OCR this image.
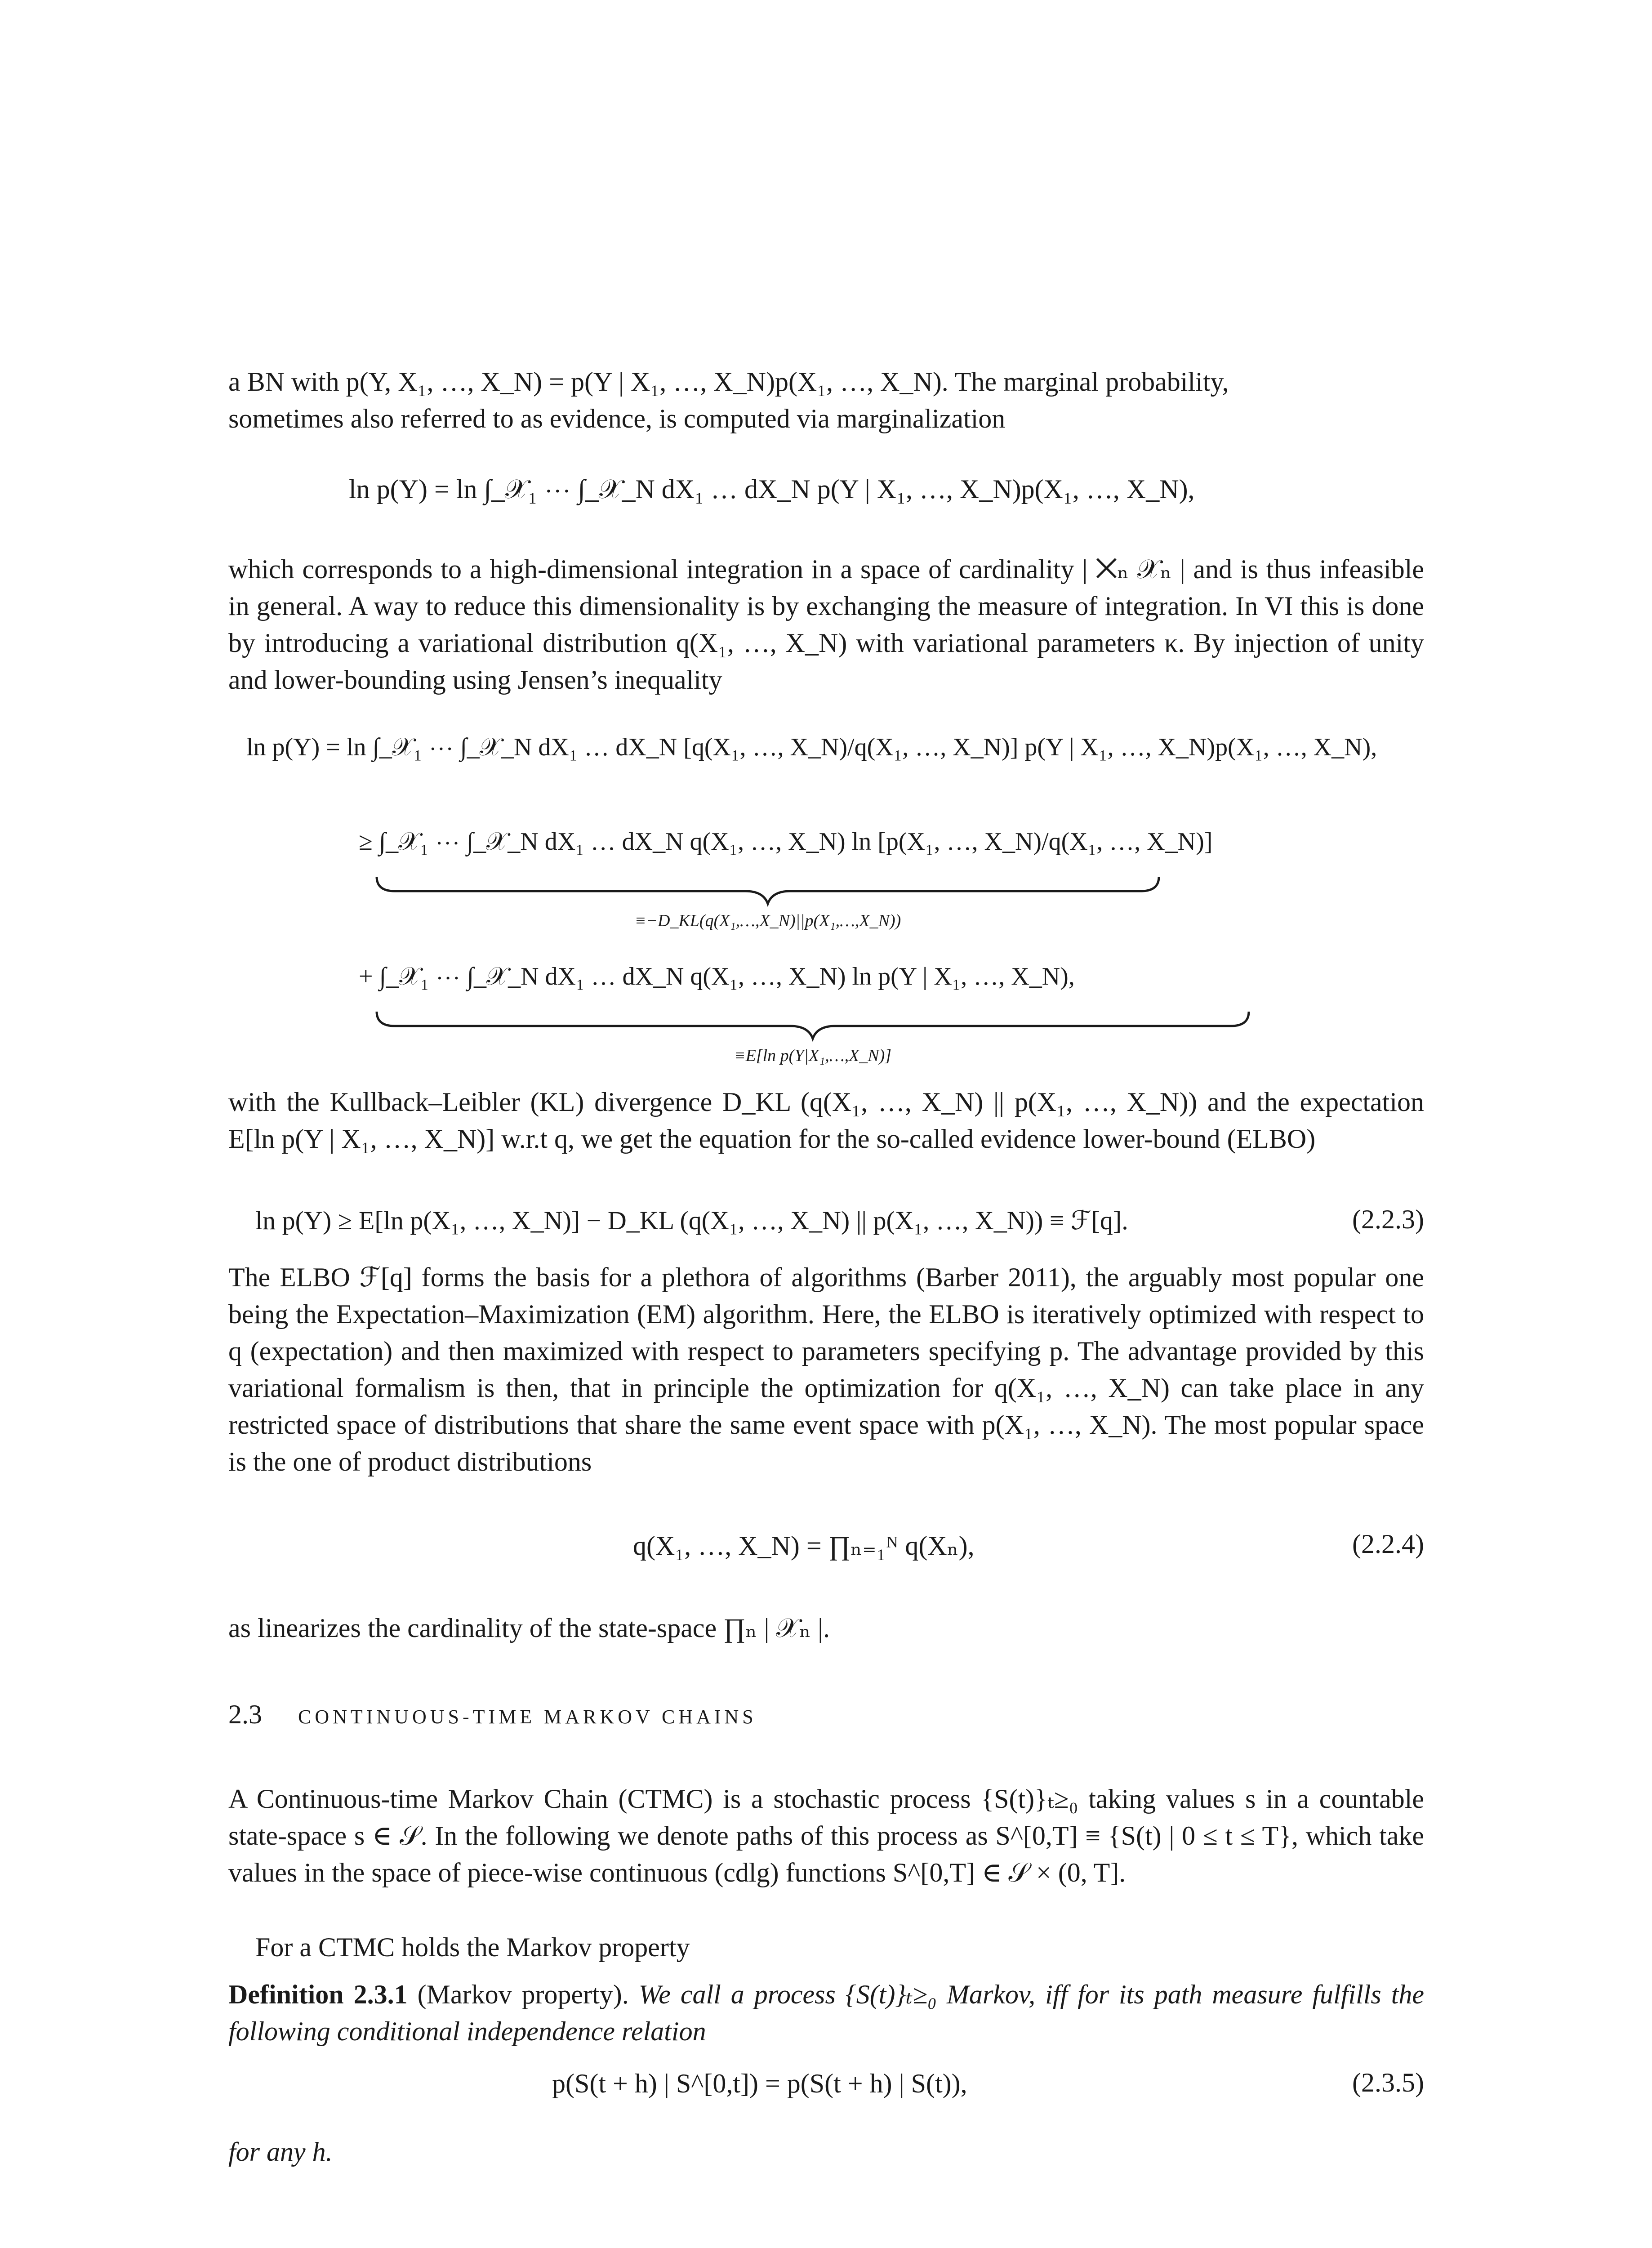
a BN with p(Y, X₁, …, X_N) = p(Y | X₁, …, X_N)p(X₁, …, X_N). The marginal probability,
sometimes also referred to as evidence, is computed via marginalization
ln p(Y) = ln ∫_𝒳₁ ⋯ ∫_𝒳_N dX₁ … dX_N p(Y | X₁, …, X_N)p(X₁, …, X_N),
which corresponds to a high-dimensional integration in a space of cardinality | ⨉ₙ 𝒳ₙ | and is thus infeasible in general. A way to reduce this dimensionality is by exchanging the measure of integration. In VI this is done by introducing a variational distribution q(X₁, …, X_N) with variational parameters κ. By injection of unity and lower-bounding using Jensen’s inequality
ln p(Y) = ln ∫_𝒳₁ ⋯ ∫_𝒳_N dX₁ … dX_N [q(X₁, …, X_N)/q(X₁, …, X_N)] p(Y | X₁, …, X_N)p(X₁, …, X_N),
≥ ∫_𝒳₁ ⋯ ∫_𝒳_N dX₁ … dX_N q(X₁, …, X_N) ln [p(X₁, …, X_N)/q(X₁, …, X_N)]
≡−D_KL(q(X₁,…,X_N)||p(X₁,…,X_N))
+ ∫_𝒳₁ ⋯ ∫_𝒳_N dX₁ … dX_N q(X₁, …, X_N) ln p(Y | X₁, …, X_N),
≡E[ln p(Y|X₁,…,X_N)]
with the Kullback–Leibler (KL) divergence D_KL (q(X₁, …, X_N) || p(X₁, …, X_N)) and the expectation E[ln p(Y | X₁, …, X_N)] w.r.t q, we get the equation for the so-called evidence lower-bound (ELBO)
ln p(Y) ≥ E[ln p(X₁, …, X_N)] − D_KL (q(X₁, …, X_N) || p(X₁, …, X_N)) ≡ ℱ[q].	(2.2.3)
The ELBO ℱ[q] forms the basis for a plethora of algorithms (Barber 2011), the arguably most popular one being the Expectation–Maximization (EM) algorithm. Here, the ELBO is iteratively optimized with respect to q (expectation) and then maximized with respect to parameters specifying p. The advantage provided by this variational formalism is then, that in principle the optimization for q(X₁, …, X_N) can take place in any restricted space of distributions that share the same event space with p(X₁, …, X_N). The most popular space is the one of product distributions
q(X₁, …, X_N) = ∏ₙ₌₁ᴺ q(Xₙ),	(2.2.4)
as linearizes the cardinality of the state-space ∏ₙ | 𝒳ₙ |.
2.3 CONTINUOUS-TIME MARKOV CHAINS
A Continuous-time Markov Chain (CTMC) is a stochastic process {S(t)}ₜ≥₀ taking values s in a countable state-space s ∈ 𝒮. In the following we denote paths of this process as S^[0,T] ≡ {S(t) | 0 ≤ t ≤ T}, which take values in the space of piece-wise continuous (cdlg) functions S^[0,T] ∈ 𝒮 × (0, T].
For a CTMC holds the Markov property
Definition 2.3.1 (Markov property). We call a process {S(t)}ₜ≥₀ Markov, iff for its path measure fulfills the following conditional independence relation
p(S(t + h) | S^[0,t]) = p(S(t + h) | S(t)),	(2.3.5)
for any h.
